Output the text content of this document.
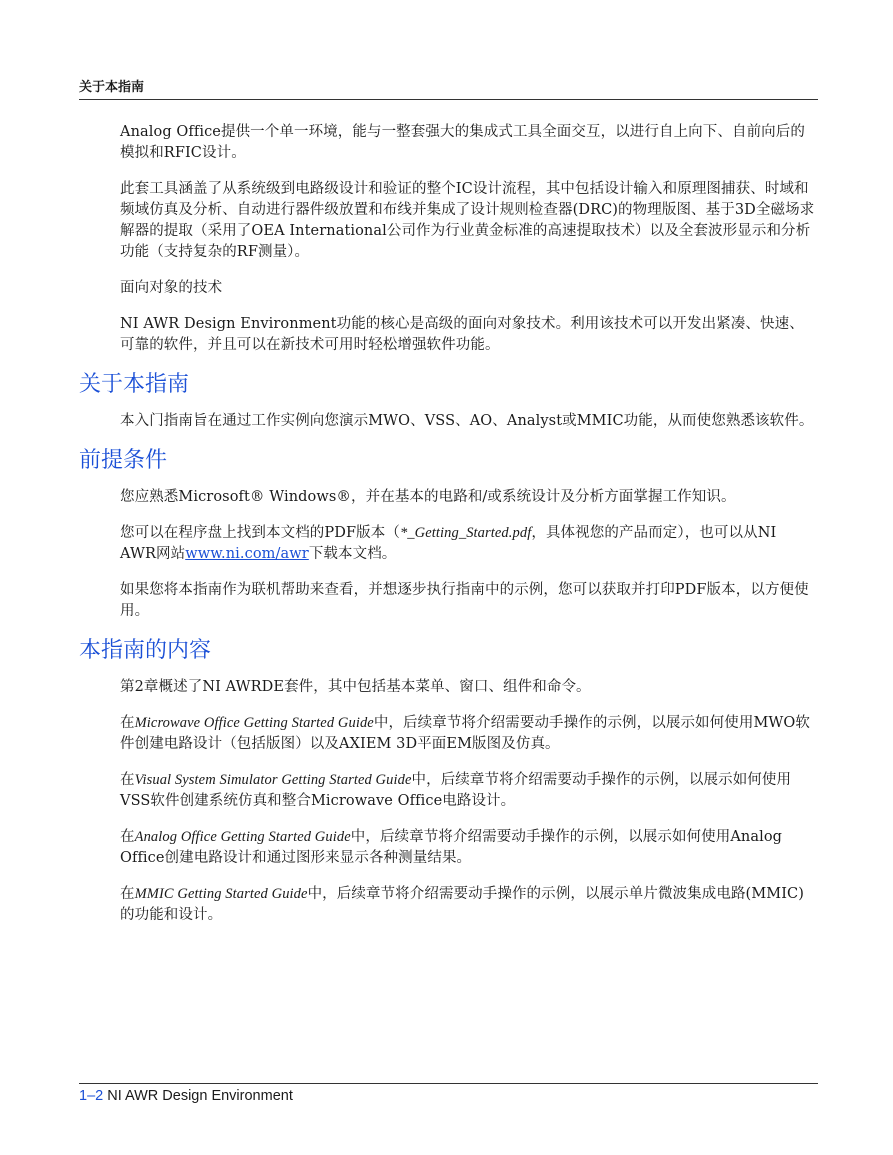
关于本指南

Analog Office提供一个单一环境，能与一整套强大的集成式工具全面交互，以进行自上向下、自前向后的模拟和RFIC设计。

此套工具涵盖了从系统级到电路级设计和验证的整个IC设计流程，其中包括设计输入和原理图捕获、时域和频域仿真及分析、自动进行器件级放置和布线并集成了设计规则检查器(DRC)的物理版图、基于3D全磁场求解器的提取（采用了OEA International公司作为行业黄金标准的高速提取技术）以及全套波形显示和分析功能（支持复杂的RF测量）。

面向对象的技术

NI AWR Design Environment功能的核心是高级的面向对象技术。利用该技术可以开发出紧凑、快速、可靠的软件，并且可以在新技术可用时轻松增强软件功能。

关于本指南

本入门指南旨在通过工作实例向您演示MWO、VSS、AO、Analyst或MMIC功能，从而使您熟悉该软件。

前提条件

您应熟悉Microsoft® Windows®，并在基本的电路和/或系统设计及分析方面掌握工作知识。

您可以在程序盘上找到本文档的PDF版本（*_Getting_Started.pdf，具体视您的产品而定），也可以从NI AWR网站www.ni.com/awr下载本文档。

如果您将本指南作为联机帮助来查看，并想逐步执行指南中的示例，您可以获取并打印PDF版本，以方便使用。

本指南的内容

第2章概述了NI AWRDE套件，其中包括基本菜单、窗口、组件和命令。

在Microwave Office Getting Started Guide中，后续章节将介绍需要动手操作的示例，以展示如何使用MWO软件创建电路设计（包括版图）以及AXIEM 3D平面EM版图及仿真。

在Visual System Simulator Getting Started Guide中，后续章节将介绍需要动手操作的示例，以展示如何使用VSS软件创建系统仿真和整合Microwave Office电路设计。

在Analog Office Getting Started Guide中，后续章节将介绍需要动手操作的示例，以展示如何使用Analog Office创建电路设计和通过图形来显示各种测量结果。

在MMIC Getting Started Guide中，后续章节将介绍需要动手操作的示例，以展示单片微波集成电路(MMIC)的功能和设计。

1–2 NI AWR Design Environment
